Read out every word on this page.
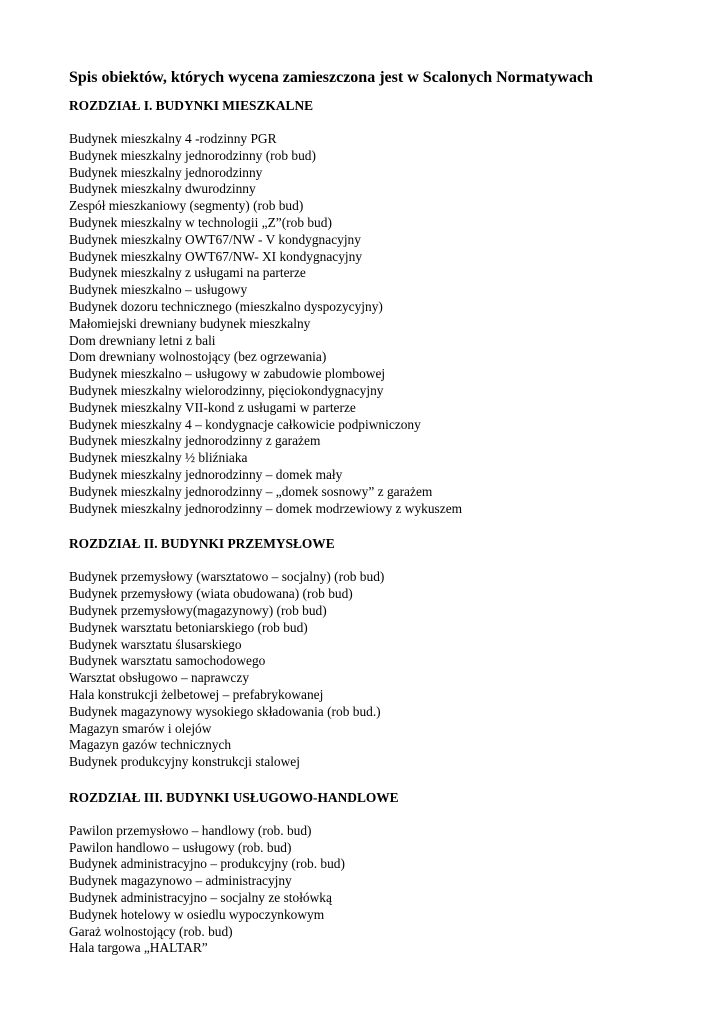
Spis obiektów, których wycena zamieszczona jest w Scalonych Normatywach
ROZDZIAŁ I. BUDYNKI MIESZKALNE
Budynek mieszkalny 4 -rodzinny PGR
Budynek mieszkalny jednorodzinny (rob bud)
Budynek mieszkalny jednorodzinny
Budynek mieszkalny dwurodzinny
Zespół mieszkaniowy (segmenty) (rob bud)
Budynek mieszkalny w technologii „Z”(rob bud)
Budynek mieszkalny OWT67/NW - V kondygnacyjny
Budynek mieszkalny OWT67/NW- XI kondygnacyjny
Budynek mieszkalny z usługami na parterze
Budynek mieszkalno – usługowy
Budynek dozoru technicznego (mieszkalno dyspozycyjny)
Małomiejski drewniany budynek mieszkalny
Dom drewniany letni z bali
Dom drewniany wolnostojący (bez ogrzewania)
Budynek mieszkalno – usługowy w zabudowie plombowej
Budynek mieszkalny wielorodzinny, pięciokondygnacyjny
Budynek mieszkalny VII-kond z usługami w parterze
Budynek mieszkalny 4 – kondygnacje całkowicie podpiwniczony
Budynek mieszkalny jednorodzinny z garażem
Budynek mieszkalny ½ bliźniaka
Budynek mieszkalny jednorodzinny – domek mały
Budynek mieszkalny jednorodzinny – „domek sosnowy” z garażem
Budynek mieszkalny jednorodzinny – domek modrzewiowy z wykuszem
ROZDZIAŁ II. BUDYNKI PRZEMYSŁOWE
Budynek przemysłowy (warsztatowo – socjalny) (rob bud)
Budynek przemysłowy (wiata obudowana) (rob bud)
Budynek przemysłowy(magazynowy) (rob bud)
Budynek warsztatu betoniarskiego (rob bud)
Budynek warsztatu ślusarskiego
Budynek warsztatu samochodowego
Warsztat obsługowo – naprawczy
Hala konstrukcji żelbetowej – prefabrykowanej
Budynek magazynowy wysokiego składowania (rob bud.)
Magazyn smarów i olejów
Magazyn gazów technicznych
Budynek produkcyjny konstrukcji stalowej
ROZDZIAŁ III. BUDYNKI USŁUGOWO-HANDLOWE
Pawilon przemysłowo – handlowy (rob. bud)
Pawilon handlowo – usługowy (rob. bud)
Budynek administracyjno – produkcyjny (rob. bud)
Budynek magazynowo – administracyjny
Budynek administracyjno – socjalny ze stołówką
Budynek hotelowy w osiedlu wypoczynkowym
Garaż wolnostojący (rob. bud)
Hala targowa „HALTAR”
